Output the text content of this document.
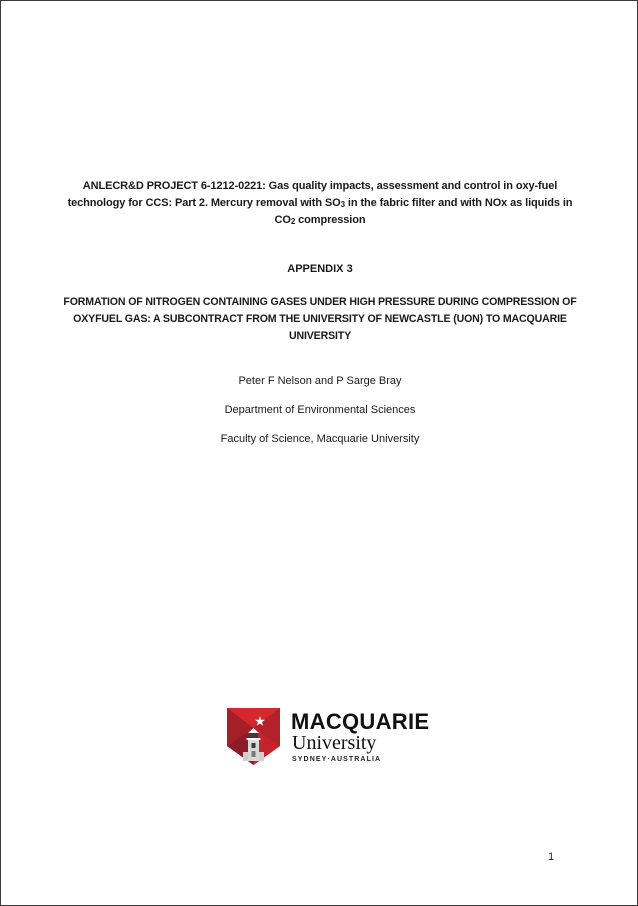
ANLECR&D PROJECT 6-1212-0221: Gas quality impacts, assessment and control in oxy-fuel technology for CCS: Part 2. Mercury removal with $SO_3$ in the fabric filter and with NOx as liquids in $CO_2$ compression
APPENDIX 3
FORMATION OF NITROGEN CONTAINING GASES UNDER HIGH PRESSURE DURING COMPRESSION OF OXYFUEL GAS: A SUBCONTRACT FROM THE UNIVERSITY OF NEWCASTLE (UON) TO MACQUARIE UNIVERSITY
Peter F Nelson and P Sarge Bray
Department of Environmental Sciences
Faculty of Science, Macquarie University
MACQUARIE
University
SYDNEY·AUSTRALIA
1
